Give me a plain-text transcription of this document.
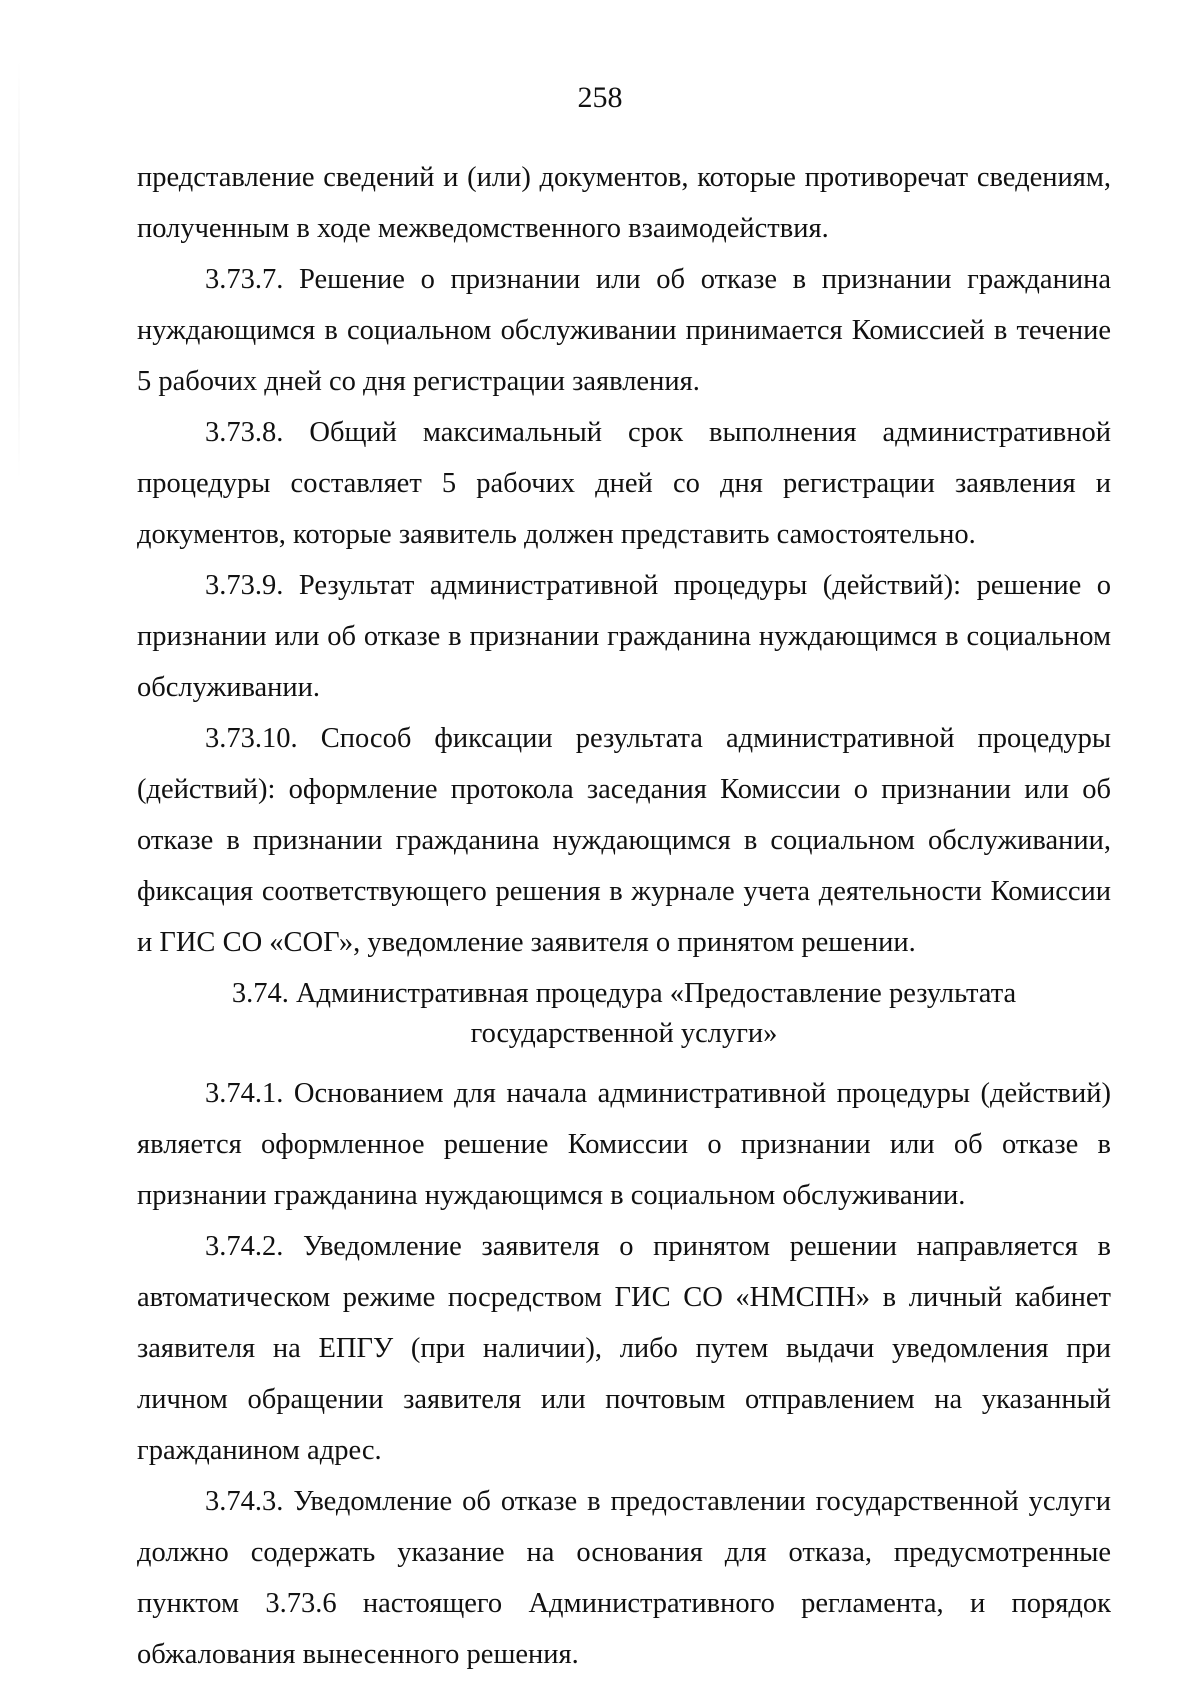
258

представление сведений и (или) документов, которые противоречат сведениям, полученным в ходе межведомственного взаимодействия.

3.73.7. Решение о признании или об отказе в признании гражданина нуждающимся в социальном обслуживании принимается Комиссией в течение 5 рабочих дней со дня регистрации заявления.

3.73.8. Общий максимальный срок выполнения административной процедуры составляет 5 рабочих дней со дня регистрации заявления и документов, которые заявитель должен представить самостоятельно.

3.73.9. Результат административной процедуры (действий): решение о признании или об отказе в признании гражданина нуждающимся в социальном обслуживании.

3.73.10. Способ фиксации результата административной процедуры (действий): оформление протокола заседания Комиссии о признании или об отказе в признании гражданина нуждающимся в социальном обслуживании, фиксация соответствующего решения в журнале учета деятельности Комиссии и ГИС СО «СОГ», уведомление заявителя о принятом решении.

3.74. Административная процедура «Предоставление результата государственной услуги»

3.74.1. Основанием для начала административной процедуры (действий) является оформленное решение Комиссии о признании или об отказе в признании гражданина нуждающимся в социальном обслуживании.

3.74.2. Уведомление заявителя о принятом решении направляется в автоматическом режиме посредством ГИС СО «НМСПН» в личный кабинет заявителя на ЕПГУ (при наличии), либо путем выдачи уведомления при личном обращении заявителя или почтовым отправлением на указанный гражданином адрес.

3.74.3. Уведомление об отказе в предоставлении государственной услуги должно содержать указание на основания для отказа, предусмотренные пунктом 3.73.6 настоящего Административного регламента, и порядок обжалования вынесенного решения.
